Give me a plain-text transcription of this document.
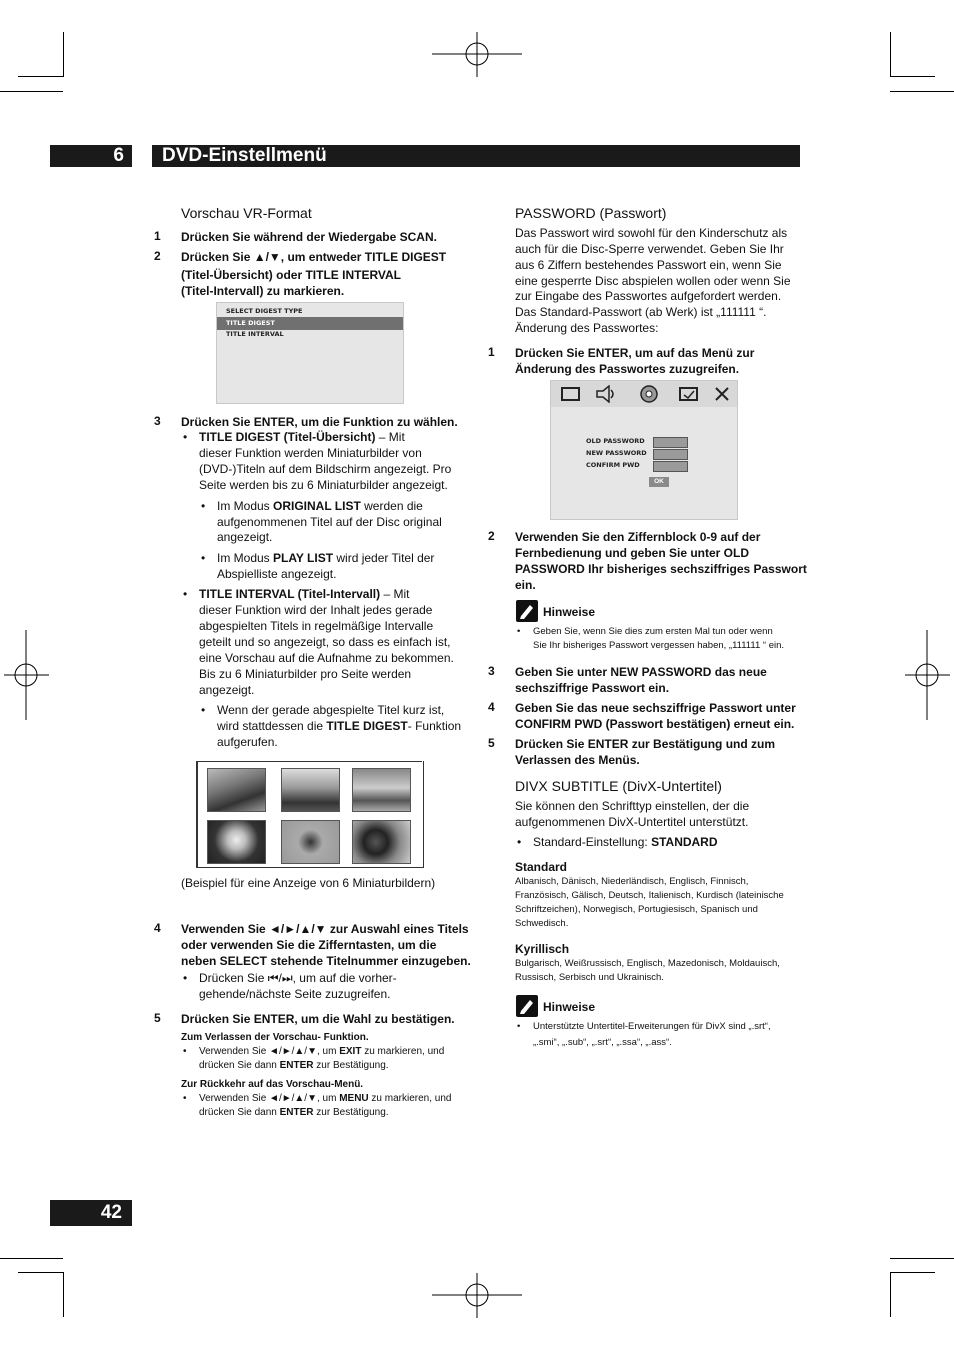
6	DVD-Einstellmenü
Vorschau VR-Format
1 Drücken Sie während der Wiedergabe SCAN.
2 Drücken Sie ▲/▼, um entweder TITLE DIGEST
(Titel-Übersicht) oder TITLE INTERVAL
(Titel-Intervall) zu markieren.
SELECT DIGEST TYPE
TITLE DIGEST
TITLE INTERVAL
3 Drücken Sie ENTER, um die Funktion zu wählen.
• TITLE DIGEST (Titel-Übersicht) – Mit
dieser Funktion werden Miniaturbilder von
(DVD-)Titeln auf dem Bildschirm angezeigt. Pro
Seite werden bis zu 6 Miniaturbilder angezeigt.
• Im Modus ORIGINAL LIST werden die
aufgenommenen Titel auf der Disc original
angezeigt.
• Im Modus PLAY LIST wird jeder Titel der
Abspielliste angezeigt.
• TITLE INTERVAL (Titel-Intervall) – Mit
dieser Funktion wird der Inhalt jedes gerade
abgespielten Titels in regelmäßige Intervalle
geteilt und so angezeigt, so dass es einfach ist,
eine Vorschau auf die Aufnahme zu bekommen.
Bis zu 6 Miniaturbilder pro Seite werden
angezeigt.
• Wenn der gerade abgespielte Titel kurz ist,
wird stattdessen die TITLE DIGEST- Funktion
aufgerufen.
(Beispiel für eine Anzeige von 6 Miniaturbildern)
4 Verwenden Sie ◄/►/▲/▼ zur Auswahl eines Titels
oder verwenden Sie die Zifferntasten, um die
neben SELECT stehende Titelnummer einzugeben.
• Drücken Sie ⏮/⏭, um auf die vorher-
gehende/nächste Seite zuzugreifen.
5 Drücken Sie ENTER, um die Wahl zu bestätigen.
Zum Verlassen der Vorschau- Funktion.
• Verwenden Sie ◄/►/▲/▼, um EXIT zu markieren, und
drücken Sie dann ENTER zur Bestätigung.
Zur Rückkehr auf das Vorschau-Menü.
• Verwenden Sie ◄/►/▲/▼, um MENU zu markieren, und
drücken Sie dann ENTER zur Bestätigung.
PASSWORD (Passwort)
Das Passwort wird sowohl für den Kinderschutz als
auch für die Disc-Sperre verwendet. Geben Sie Ihr
aus 6 Ziffern bestehendes Passwort ein, wenn Sie
eine gesperrte Disc abspielen wollen oder wenn Sie
zur Eingabe des Passwortes aufgefordert werden.
Das Standard-Passwort (ab Werk) ist „111111 “.
Änderung des Passwortes:
1 Drücken Sie ENTER, um auf das Menü zur
Änderung des Passwortes zuzugreifen.
OLD PASSWORD
NEW PASSWORD
CONFIRM PWD
OK
2 Verwenden Sie den Ziffernblock 0-9 auf der
Fernbedienung und geben Sie unter OLD
PASSWORD Ihr bisheriges sechsziffriges Passwort
ein.
Hinweise
• Geben Sie, wenn Sie dies zum ersten Mal tun oder wenn
Sie Ihr bisheriges Passwort vergessen haben, „111111 “ ein.
3 Geben Sie unter NEW PASSWORD das neue
sechsziffrige Passwort ein.
4 Geben Sie das neue sechsziffrige Passwort unter
CONFIRM PWD (Passwort bestätigen) erneut ein.
5 Drücken Sie ENTER zur Bestätigung und zum
Verlassen des Menüs.
DIVX SUBTITLE (DivX-Untertitel)
Sie können den Schrifttyp einstellen, der die
aufgenommenen DivX-Untertitel unterstützt.
• Standard-Einstellung: STANDARD
Standard
Albanisch, Dänisch, Niederländisch, Englisch, Finnisch,
Französisch, Gälisch, Deutsch, Italienisch, Kurdisch (lateinische
Schriftzeichen), Norwegisch, Portugiesisch, Spanisch und
Schwedisch.
Kyrillisch
Bulgarisch, Weißrussisch, Englisch, Mazedonisch, Moldauisch,
Russisch, Serbisch und Ukrainisch.
Hinweise
• Unterstützte Untertitel-Erweiterungen für DivX sind „.srt“,
„.smi“, „.sub“, „.srt“, „.ssa“, „.ass“.
42
